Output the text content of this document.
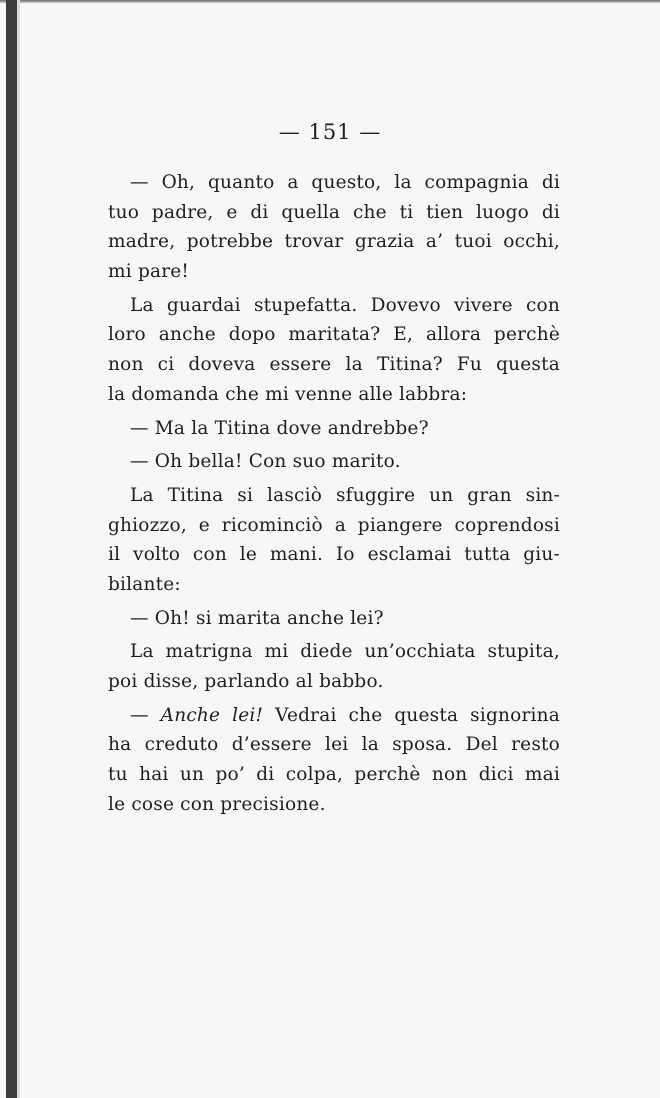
— 151 —
— Oh, quanto a questo, la compagnia di
tuo padre, e di quella che ti tien luogo di
madre, potrebbe trovar grazia a’ tuoi occhi,
mi pare!
La guardai stupefatta. Dovevo vivere con
loro anche dopo maritata? E, allora perchè
non ci doveva essere la Titina? Fu questa
la domanda che mi venne alle labbra:
— Ma la Titina dove andrebbe?
— Oh bella! Con suo marito.
La Titina si lasciò sfuggire un gran sin-
ghiozzo, e ricominciò a piangere coprendosi
il volto con le mani. Io esclamai tutta giu-
bilante:
— Oh! si marita anche lei?
La matrigna mi diede un’occhiata stupita,
poi disse, parlando al babbo.
— Anche lei! Vedrai che questa signorina
ha creduto d’essere lei la sposa. Del resto
tu hai un po’ di colpa, perchè non dici mai
le cose con precisione.
